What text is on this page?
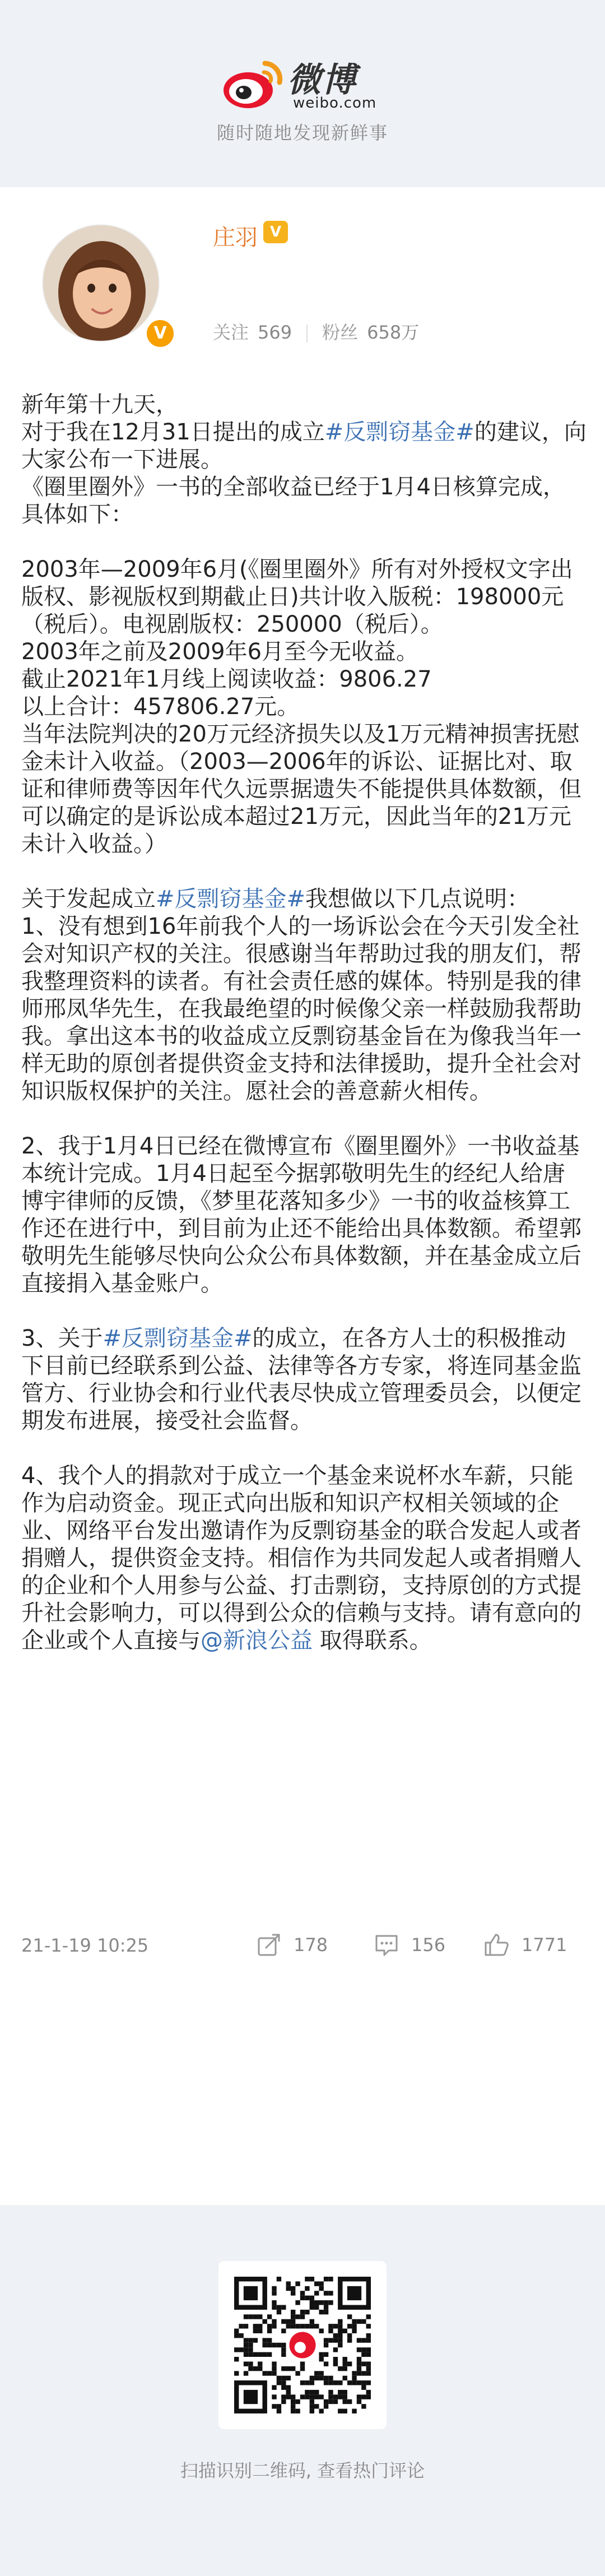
微博
weibo.com
随时随地发现新鲜事
V
庄羽 V
关注 569 粉丝 658万

新年第十九天，

对于我在12月31日提出的成立#反剽窃基金#的建议，向大家公布一下进展。

《圈里圈外》一书的全部收益已经于1月4日核算完成，具体如下：

2003年—2009年6月(《圈里圈外》所有对外授权文字出版权、影视版权到期截止日)共计收入版税：198000元（税后）。电视剧版权：250000（税后）。

2003年之前及2009年6月至今无收益。

截止2021年1月线上阅读收益：9806.27

以上合计：457806.27元。

当年法院判决的20万元经济损失以及1万元精神损害抚慰金未计入收益。（2003—2006年的诉讼、证据比对、取证和律师费等因年代久远票据遗失不能提供具体数额，但可以确定的是诉讼成本超过21万元，因此当年的21万元未计入收益。）

关于发起成立#反剽窃基金#我想做以下几点说明：

1、没有想到16年前我个人的一场诉讼会在今天引发全社会对知识产权的关注。很感谢当年帮助过我的朋友们，帮我整理资料的读者。有社会责任感的媒体。特别是我的律师邢凤华先生，在我最绝望的时候像父亲一样鼓励我帮助我。拿出这本书的收益成立反剽窃基金旨在为像我当年一样无助的原创者提供资金支持和法律援助，提升全社会对知识版权保护的关注。愿社会的善意薪火相传。

2、我于1月4日已经在微博宣布《圈里圈外》一书收益基本统计完成。1月4日起至今据郭敬明先生的经纪人给唐博宇律师的反馈，《梦里花落知多少》一书的收益核算工作还在进行中，到目前为止还不能给出具体数额。希望郭敬明先生能够尽快向公众公布具体数额，并在基金成立后直接捐入基金账户。

3、关于#反剽窃基金#的成立，在各方人士的积极推动下目前已经联系到公益、法律等各方专家，将连同基金监管方、行业协会和行业代表尽快成立管理委员会，以便定期发布进展，接受社会监督。

4、我个人的捐款对于成立一个基金来说杯水车薪，只能作为启动资金。现正式向出版和知识产权相关领域的企业、网络平台发出邀请作为反剽窃基金的联合发起人或者捐赠人，提供资金支持。相信作为共同发起人或者捐赠人的企业和个人用参与公益、打击剽窃，支持原创的方式提升社会影响力，可以得到公众的信赖与支持。请有意向的企业或个人直接与@新浪公益 取得联系。

21-1-19 10:25	178	156	1771
扫描识别二维码, 查看热门评论
